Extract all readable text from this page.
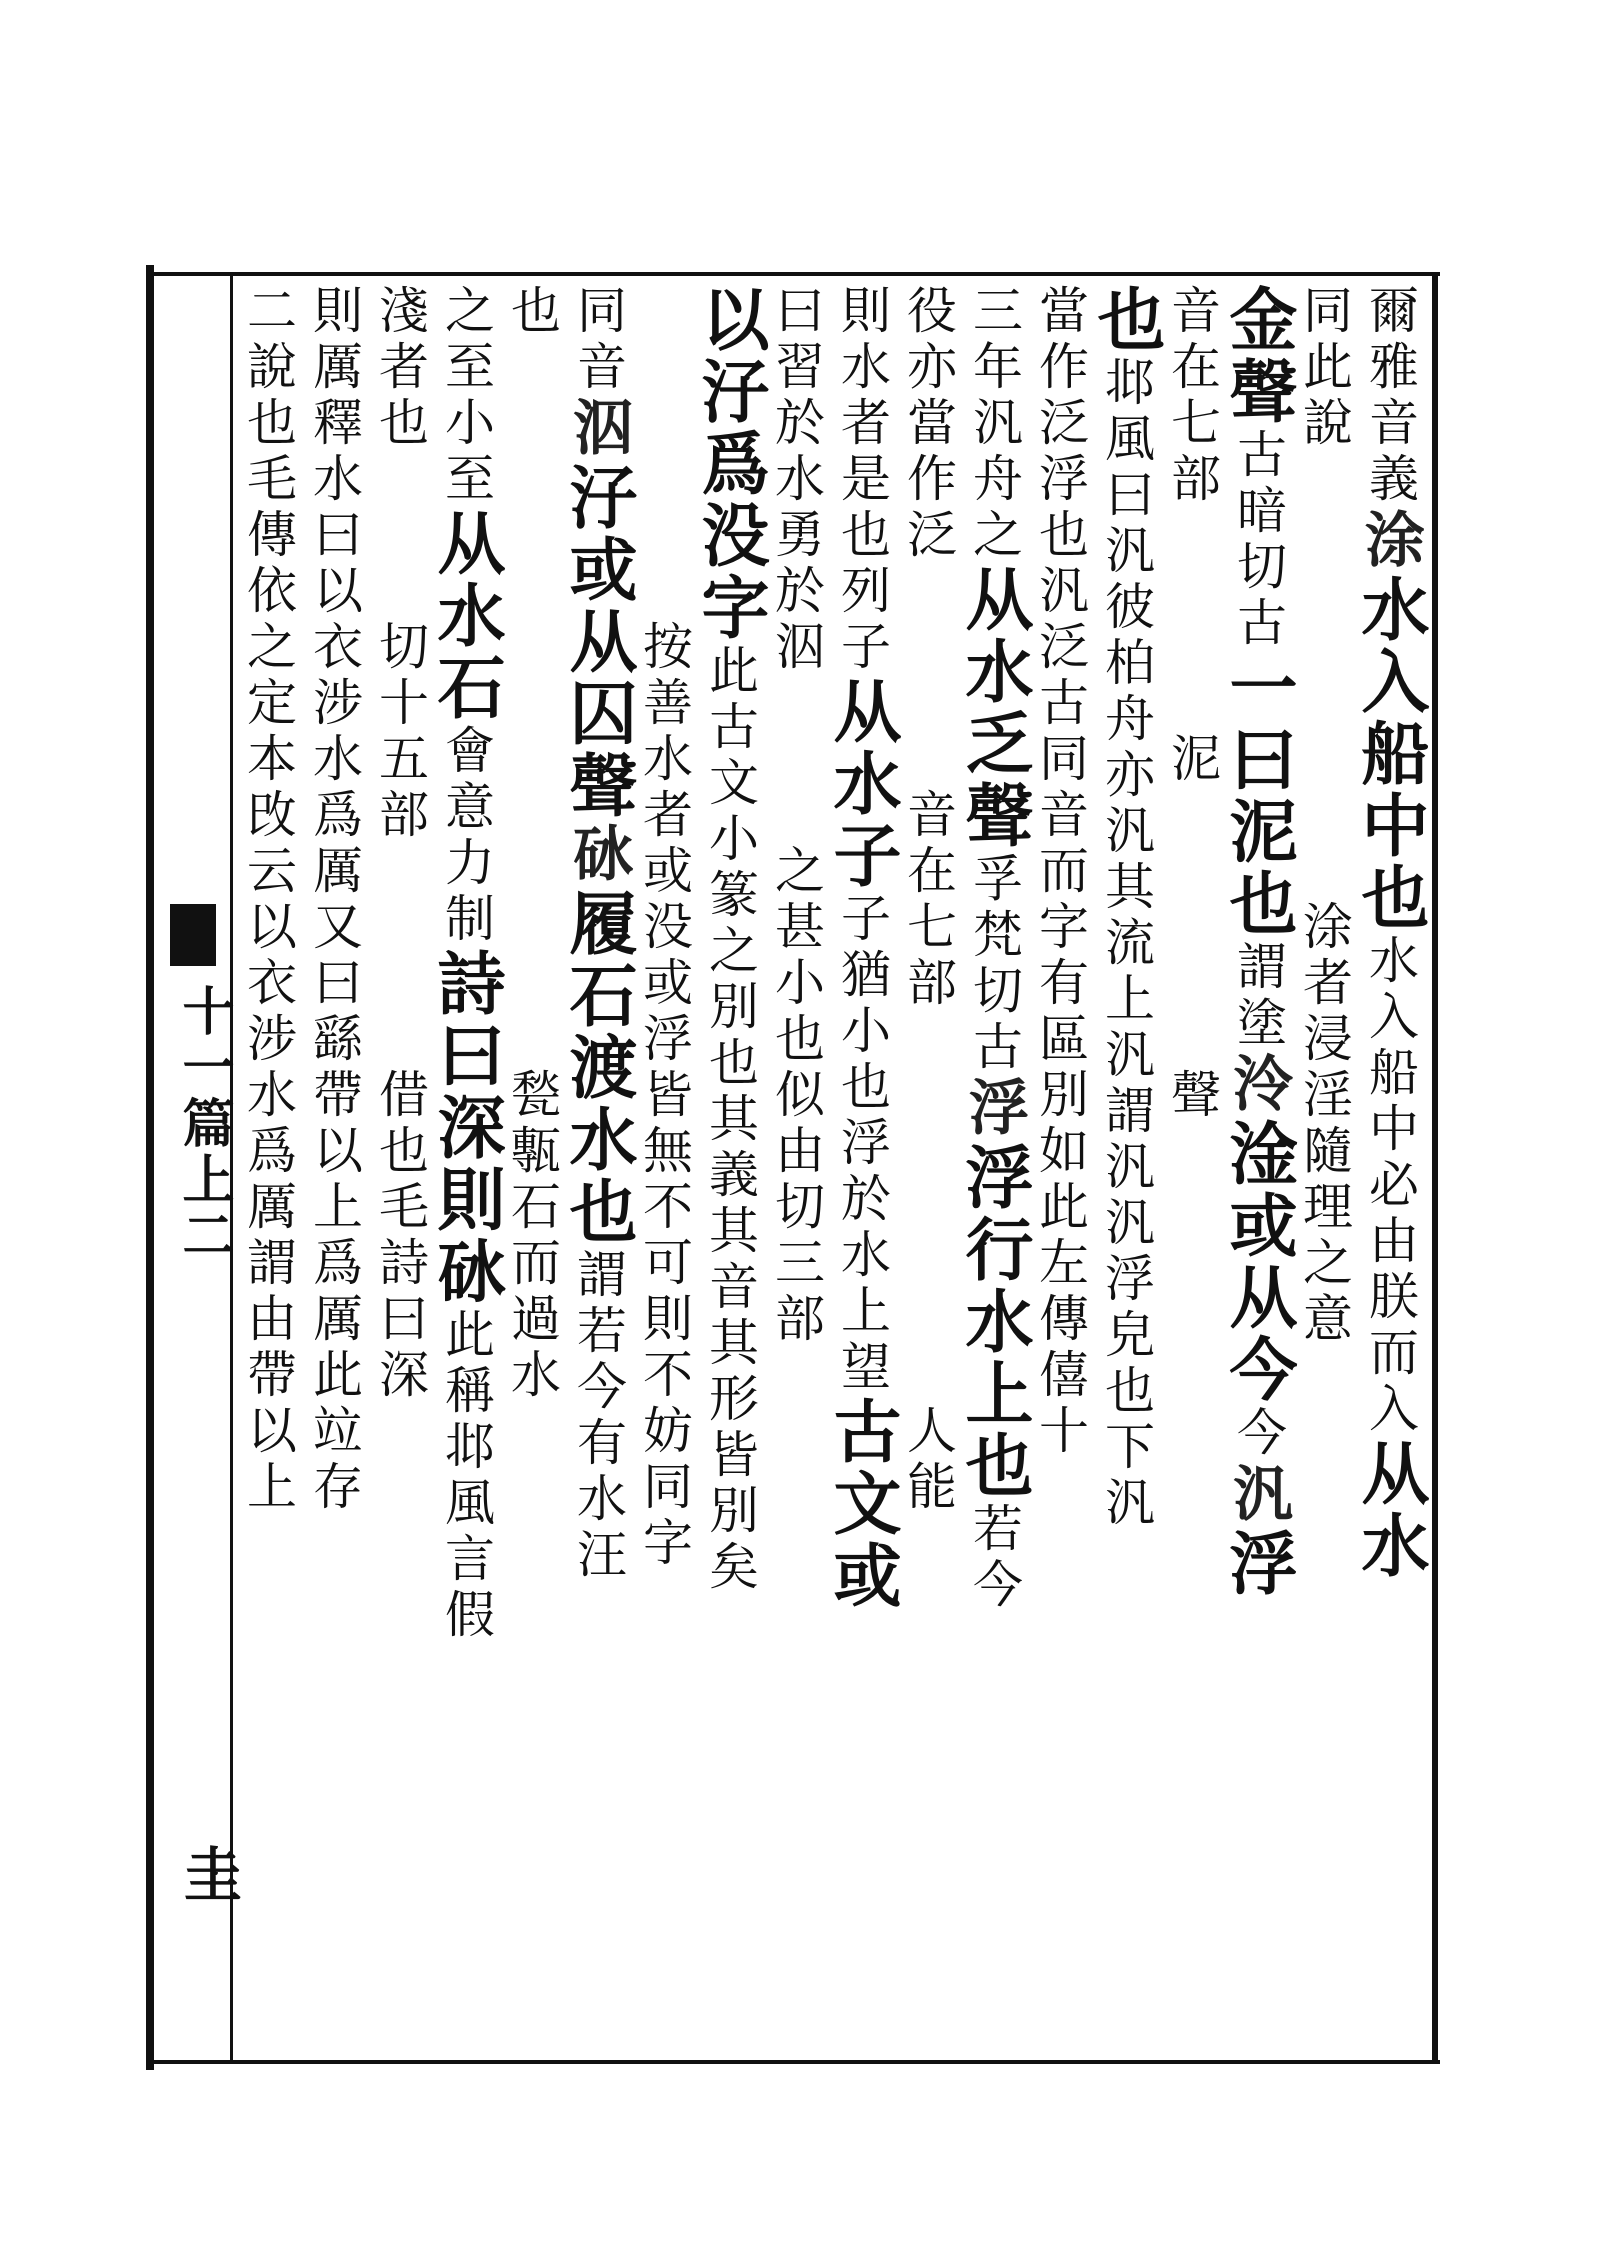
十一篇上二
圭
爾雅音義涂水入船中也水入船中必由朕而入从水
同此說　　　　　　　　涂者浸淫隨理之意
金聲古暗切古一曰泥也謂塗泠淦或从今今汎浮
音在七部　　　　泥　　　　　聲
也邶風曰汎彼柏舟亦汎其流上汎謂汎汎浮皃也下汎
當作泛浮也汎泛古同音而字有區別如此左傳僖十
三年汎舟之从水乏聲孚梵切古浮浮行水上也若今
役亦當作泛　　　　音在七部　　　　　　　人能
則水者是也列子从水子子猶小也浮於水上望古文或
曰習於水勇於泅　　　之甚小也似由切三部
以汓爲没字此古文小篆之別也其義其音其形皆別矣
　　　　　　按善水者或没或浮皆無不可則不妨同字
同音泅汓或从囚聲砅履石渡水也謂若今有水汪
也　　　　　　　　　　　　　甃甎石而過水
之至小至从水石會意力制詩曰深則砅此稱邶風言假
淺者也　　　切十五部　　　　借也毛詩曰深
則厲釋水曰以衣涉水爲厲又曰繇帶以上爲厲此竝存
二說也毛傳依之定本攺云以衣涉水爲厲謂由帶以上
